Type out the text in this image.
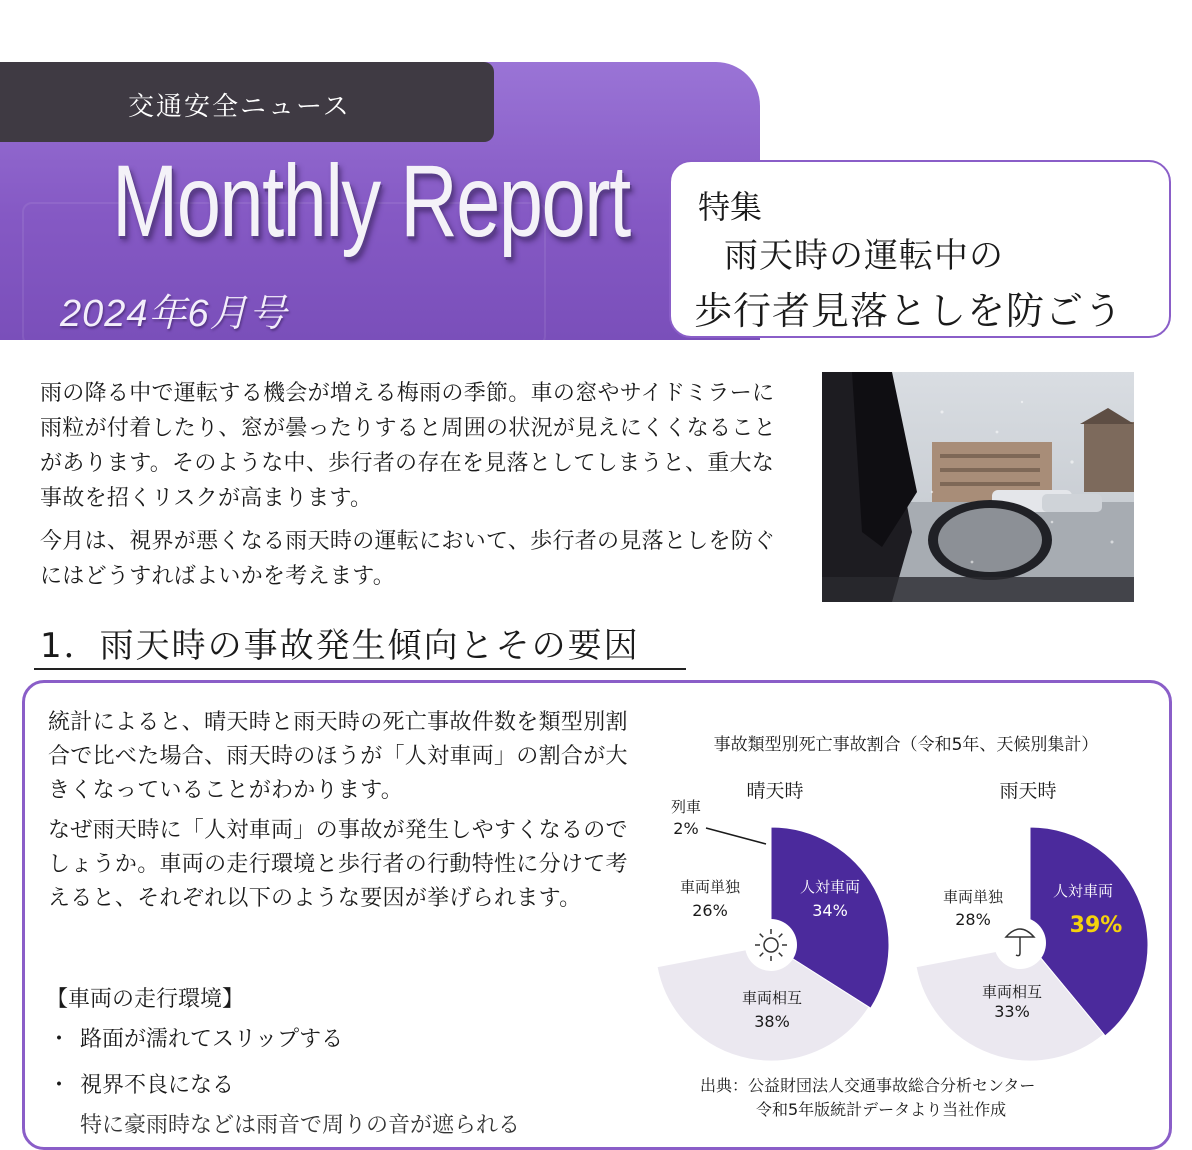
交通安全ニュース
Monthly Report
2024年6月号
特集
雨天時の運転中の
歩行者見落としを防ごう

雨の降る中で運転する機会が増える梅雨の季節。車の窓やサイドミラーに雨粒が付着したり、窓が曇ったりすると周囲の状況が見えにくくなることがあります。そのような中、歩行者の存在を見落としてしまうと、重大な事故を招くリスクが高まります。

今月は、視界が悪くなる雨天時の運転において、歩行者の見落としを防ぐにはどうすればよいかを考えます。

1．雨天時の事故発生傾向とその要因

統計によると、晴天時と雨天時の死亡事故件数を類型別割合で比べた場合、雨天時のほうが「人対車両」の割合が大きくなっていることがわかります。

なぜ雨天時に「人対車両」の事故が発生しやすくなるのでしょうか。車両の走行環境と歩行者の行動特性に分けて考えると、それぞれ以下のような要因が挙げられます。

【車両の走行環境】
・ 路面が濡れてスリップする
・ 視界不良になる
特に豪雨時などは雨音で周りの音が遮られる
事故類型別死亡事故割合（令和5年、天候別集計）
晴天時	雨天時
人対車両
34%
車両相互
38%
車両単独
26%
列車
2%
人対車両
39%
車両相互
33%
車両単独
28%
出典：公益財団法人交通事故総合分析センター
令和5年版統計データより当社作成
